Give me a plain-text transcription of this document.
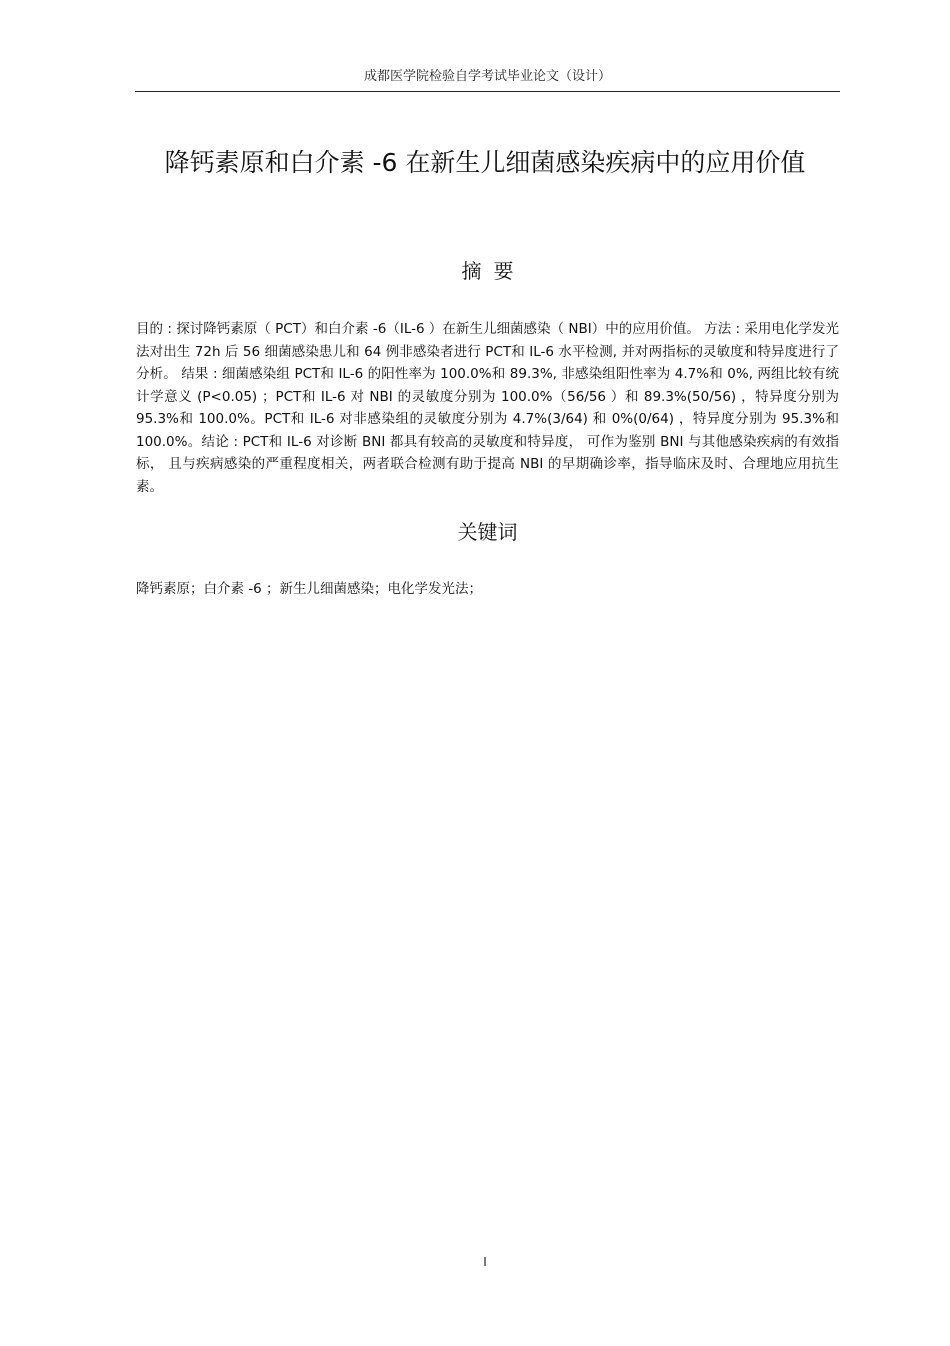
成都医学院检验自学考试毕业论文（设计）
降钙素原和白介素 -6 在新生儿细菌感染疾病中的应用价值
摘要
目的 : 探讨降钙素原（ PCT）和白介素 -6（IL-6 ）在新生儿细菌感染（ NBI）中的应用价值。 方法 : 采用电化学发光法对出生 72h 后 56 细菌感染患儿和 64 例非感染者进行 PCT和 IL-6 水平检测, 并对两指标的灵敏度和特异度进行了分析。 结果 : 细菌感染组 PCT和 IL-6 的阳性率为 100.0%和 89.3%, 非感染组阳性率为 4.7%和 0%, 两组比较有统计学意义 (P<0.05) ；PCT和 IL-6 对 NBI 的灵敏度分别为 100.0%（56/56 ）和 89.3%(50/56) ，特异度分别为 95.3%和 100.0%。PCT和 IL-6 对非感染组的灵敏度分别为 4.7%(3/64) 和 0%(0/64) ，特异度分别为 95.3%和 100.0%。结论 : PCT和 IL-6 对诊断 BNI 都具有较高的灵敏度和特异度， 可作为鉴别 BNI 与其他感染疾病的有效指标， 且与疾病感染的严重程度相关，两者联合检测有助于提高 NBI 的早期确诊率，指导临床及时、合理地应用抗生素。
关键词
降钙素原；白介素 -6 ；新生儿细菌感染；电化学发光法；
I
